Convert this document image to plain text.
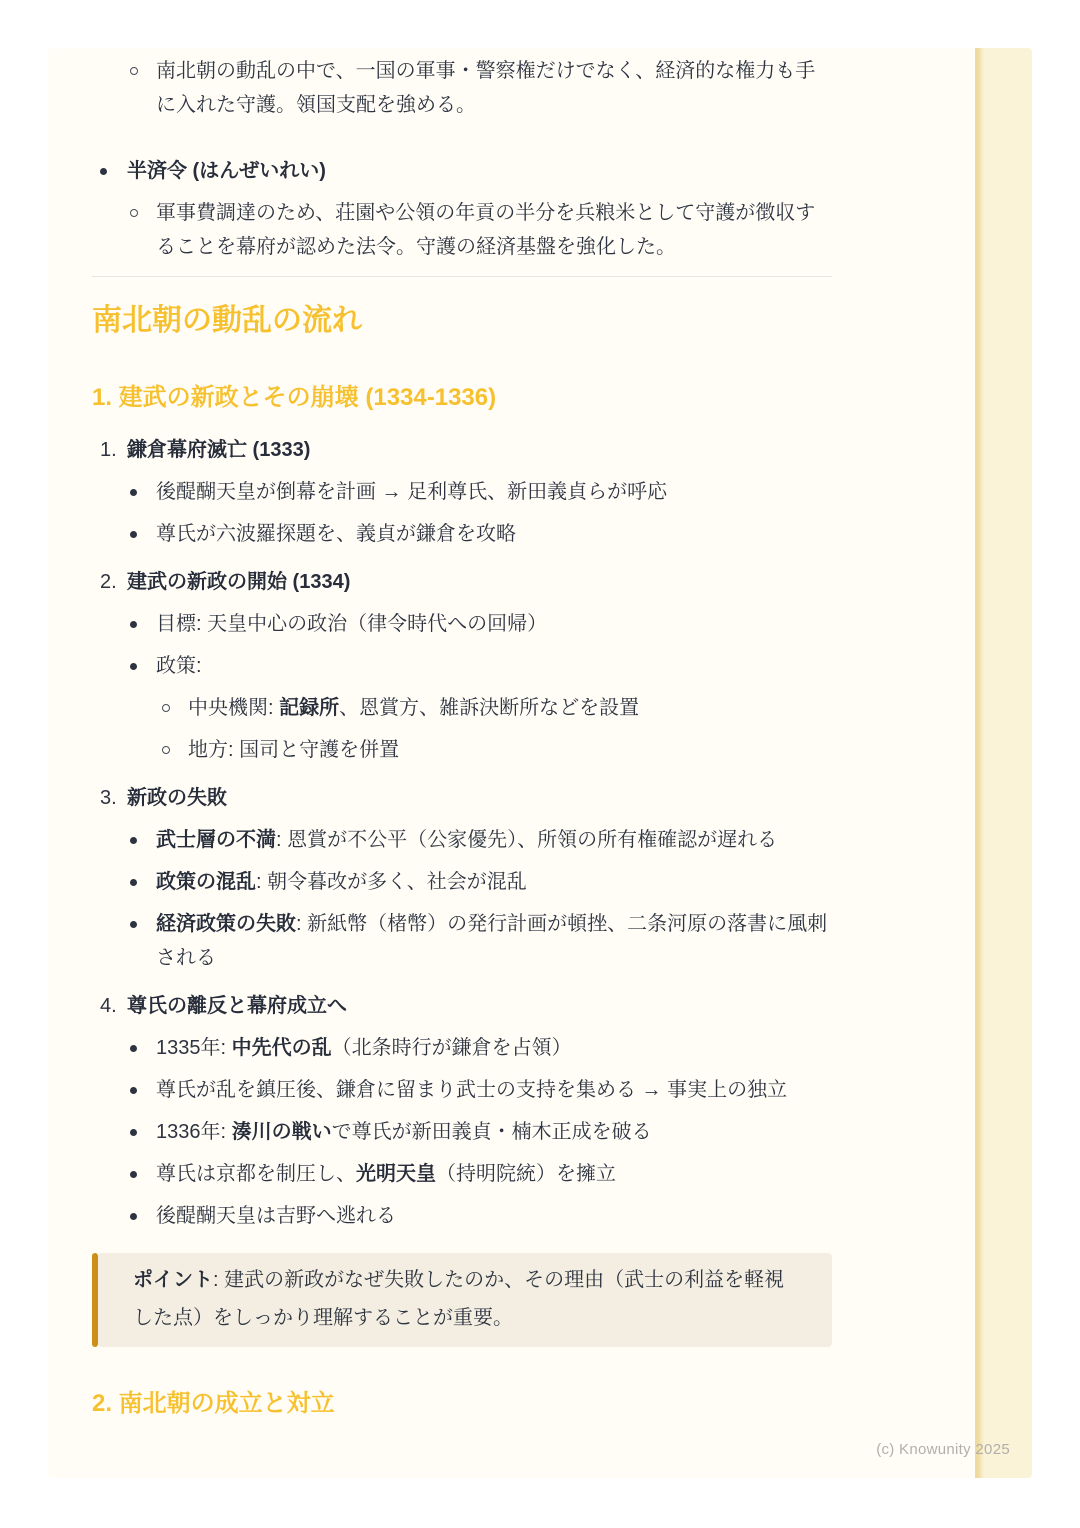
南北朝の動乱の中で、一国の軍事・警察権だけでなく、経済的な権力も手に入れた守護。領国支配を強める。
半済令 (はんぜいれい)
軍事費調達のため、荘園や公領の年貢の半分を兵粮米として守護が徴収することを幕府が認めた法令。守護の経済基盤を強化した。
南北朝の動乱の流れ
1. 建武の新政とその崩壊 (1334-1336)
1. 鎌倉幕府滅亡 (1333)
後醍醐天皇が倒幕を計画 → 足利尊氏、新田義貞らが呼応
尊氏が六波羅探題を、義貞が鎌倉を攻略
2. 建武の新政の開始 (1334)
目標: 天皇中心の政治（律令時代への回帰）
政策:
中央機関: 記録所、恩賞方、雑訴決断所などを設置
地方: 国司と守護を併置
3. 新政の失敗
武士層の不満: 恩賞が不公平（公家優先）、所領の所有権確認が遅れる
政策の混乱: 朝令暮改が多く、社会が混乱
経済政策の失敗: 新紙幣（楮幣）の発行計画が頓挫、二条河原の落書に風刺される
4. 尊氏の離反と幕府成立へ
1335年: 中先代の乱（北条時行が鎌倉を占領）
尊氏が乱を鎮圧後、鎌倉に留まり武士の支持を集める → 事実上の独立
1336年: 湊川の戦いで尊氏が新田義貞・楠木正成を破る
尊氏は京都を制圧し、光明天皇（持明院統）を擁立
後醍醐天皇は吉野へ逃れる
ポイント: 建武の新政がなぜ失敗したのか、その理由（武士の利益を軽視した点）をしっかり理解することが重要。
2. 南北朝の成立と対立
(c) Knowunity 2025
